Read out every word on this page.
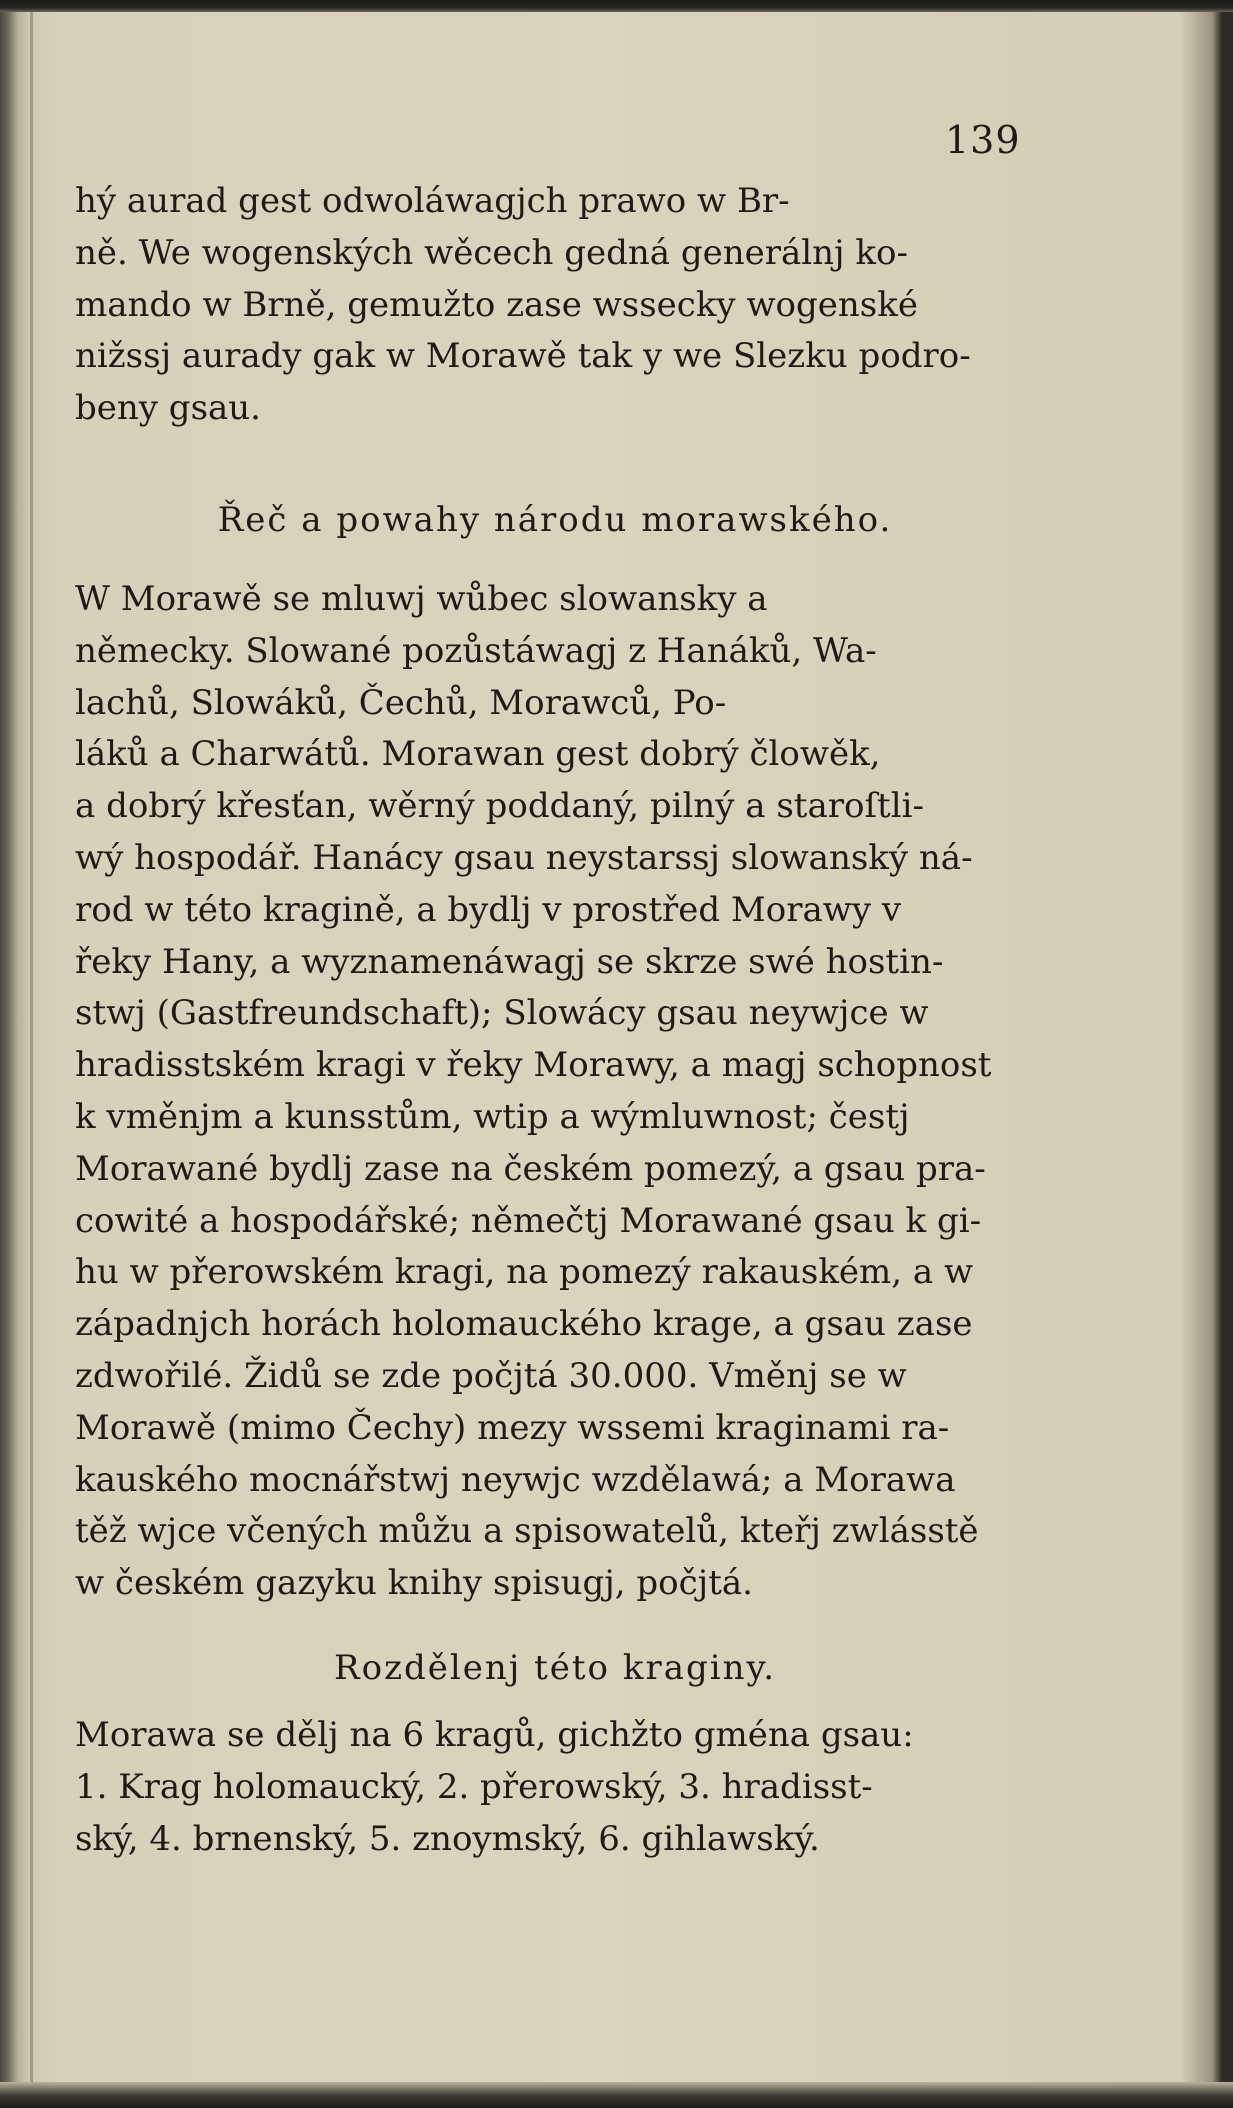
139
hý aurad gest odwoláwagjch prawo w Br-
ně. We wogenských wěcech gedná generálnj ko-
mando w Brně, gemužto zase wssecky wogenské
nižssj aurady gak w Morawě tak y we Slezku podro-
beny gsau.
Řeč a powahy národu morawského.
W Morawě se mluwj wůbec slowansky a
německy. Slowané pozůstáwagj z Hanáků, Wa-
lachů, Slowáků, Čechů, Morawců, Po-
láků a Charwátů. Morawan gest dobrý člowěk,
a dobrý křesťan, wěrný poddaný, pilný a staroſtli-
wý hospodář. Hanácy gsau neystarssj slowanský ná-
rod w této kragině, a bydlj v prostřed Morawy v
řeky Hany, a wyznamenáwagj se skrze swé hostin-
stwj (Gastfreundschaft); Slowácy gsau neywjce w
hradisstském kragi v řeky Morawy, a magj schopnost
k vměnjm a kunsstům, wtip a wýmluwnost; čestj
Morawané bydlj zase na českém pomezý, a gsau pra-
cowité a hospodářské; němečtj Morawané gsau k gi-
hu w přerowském kragi, na pomezý rakauském, a w
západnjch horách holomauckého krage, a gsau zase
zdwořilé. Židů se zde počjtá 30.000. Vměnj se w
Morawě (mimo Čechy) mezy wssemi kraginami ra-
kauského mocnářstwj neywjc wzdělawá; a Morawa
těž wjce včených můžu a spisowatelů, kteřj zwlásstě
w českém gazyku knihy spisugj, počjtá.
Rozdělenj této kraginy.
Morawa se dělj na 6 kragů, gichžto gména gsau:
1. Krag holomaucký, 2. přerowský, 3. hradisst-
ský, 4. brnenský, 5. znoymský, 6. gihlawský.
